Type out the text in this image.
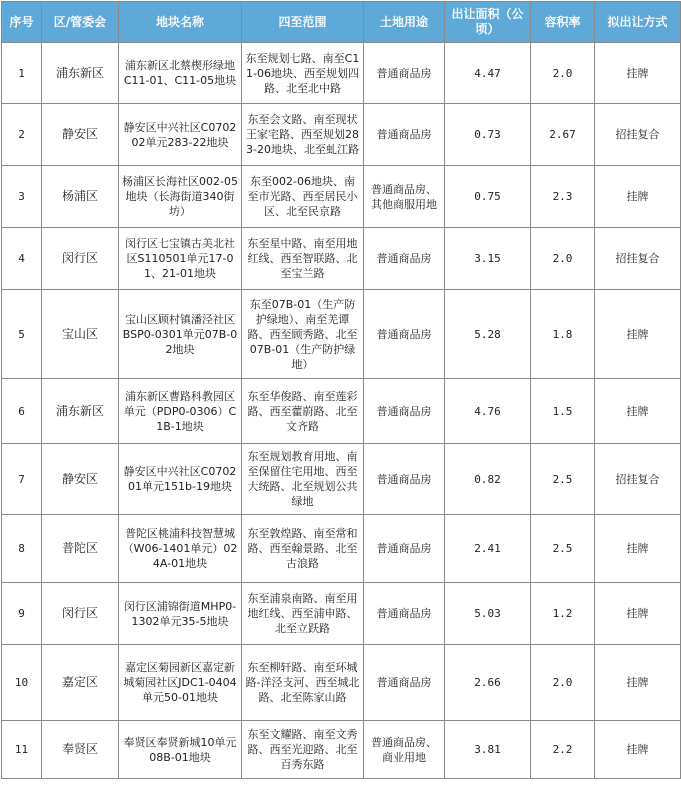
序号	区/管委会	地块名称	四至范围	土地用途	出让面积（公顷）	容积率	拟出让方式
1	浦东新区	浦东新区北蔡楔形绿地C11-01、C11-05地块	东至规划七路、南至C11-06地块、西至规划四路、北至北中路	普通商品房	4.47	2.0	挂牌
2	静安区	静安区中兴社区C070202单元283-22地块	东至会文路、南至现状王家宅路、西至规划283-20地块、北至虬江路	普通商品房	0.73	2.67	招挂复合
3	杨浦区	杨浦区长海社区002-05地块（长海街道340街坊）	东至002-06地块、南至市光路、西至居民小区、北至民京路	普通商品房、其他商服用地	0.75	2.3	挂牌
4	闵行区	闵行区七宝镇古美北社区S110501单元17-01、21-01地块	东至星中路、南至用地红线、西至智联路、北至宝兰路	普通商品房	3.15	2.0	招挂复合
5	宝山区	宝山区顾村镇潘泾社区BSP0-0301单元07B-02地块	东至07B-01（生产防护绿地）、南至羌谭路、西至顾秀路、北至07B-01（生产防护绿地）	普通商品房	5.28	1.8	挂牌
6	浦东新区	浦东新区曹路科教园区单元（PDP0-0306）C1B-1地块	东至华俊路、南至莲彩路、西至藿蔚路、北至文齐路	普通商品房	4.76	1.5	挂牌
7	静安区	静安区中兴社区C070201单元151b-19地块	东至规划教育用地、南至保留住宅用地、西至大统路、北至规划公共绿地	普通商品房	0.82	2.5	招挂复合
8	普陀区	普陀区桃浦科技智慧城（W06-1401单元）024A-01地块	东至敦煌路、南至常和路、西至翰景路、北至古浪路	普通商品房	2.41	2.5	挂牌
9	闵行区	闵行区浦锦街道MHP0-1302单元35-5地块	东至浦泉南路、南至用地红线、西至浦申路、北至立跃路	普通商品房	5.03	1.2	挂牌
10	嘉定区	嘉定区菊园新区嘉定新城菊园社区JDC1-0404单元50-01地块	东至柳轩路、南至环城路-洋泾支河、西至城北路、北至陈家山路	普通商品房	2.66	2.0	挂牌
11	奉贤区	奉贤区奉贤新城10单元08B-01地块	东至文耀路、南至文秀路、西至光迎路、北至百秀东路	普通商品房、商业用地	3.81	2.2	挂牌
